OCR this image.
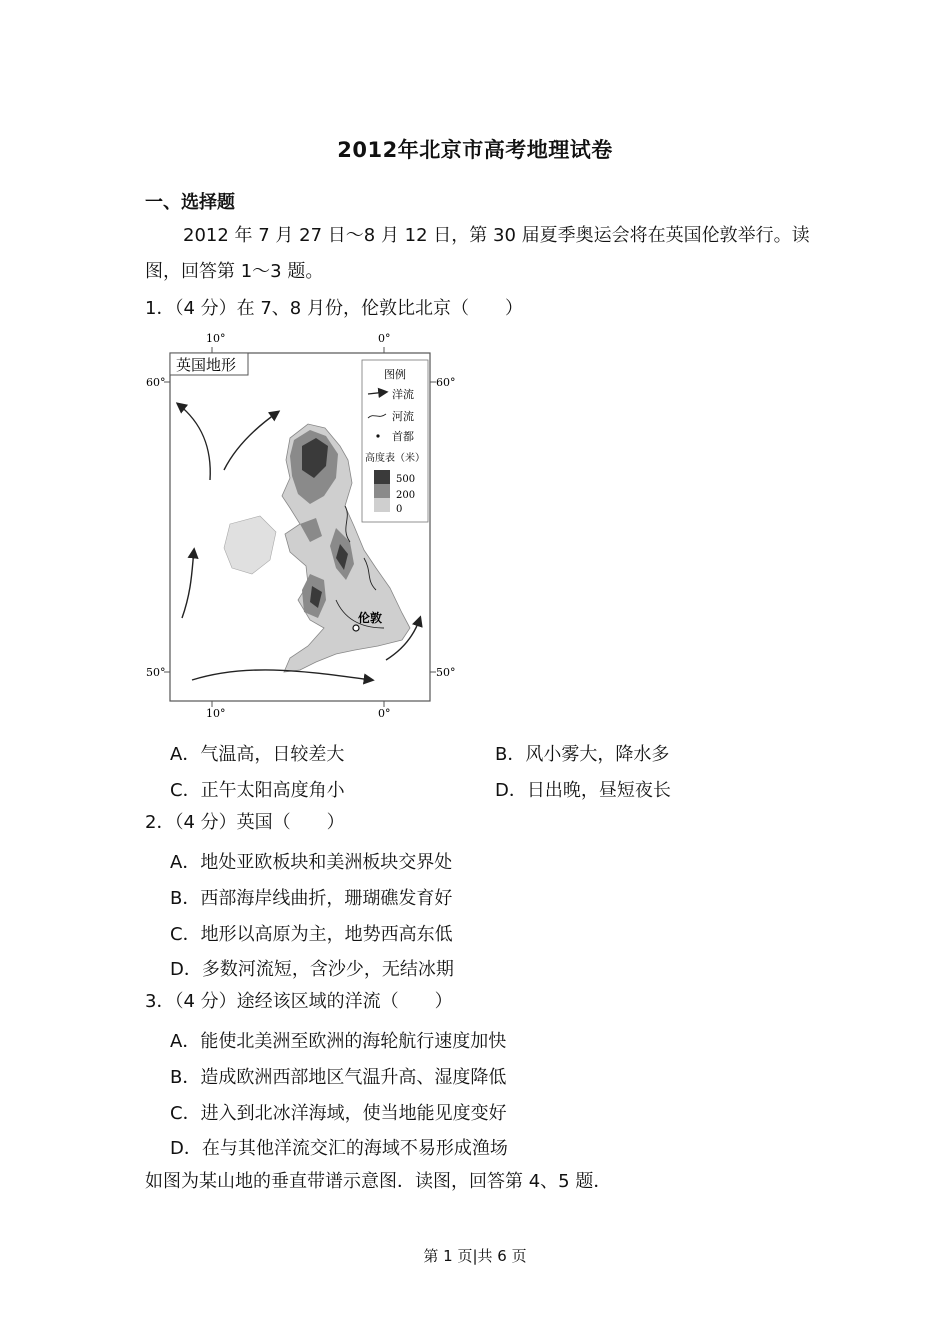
2012年北京市高考地理试卷
一、选择题
2012 年 7 月 27 日～8 月 12 日，第 30 届夏季奥运会将在英国伦敦举行。读
图，回答第 1～3 题。
1．（4 分）在 7、8 月份，伦敦比北京（　　）
10°	0°
10°	0°
60°	60°
50°	50°
英国地形
伦敦
图例
洋流
河流
首都
高度表（米）
500
200
0
A．气温高，日较差大	B．风小雾大，降水多
C．正午太阳高度角小	D．日出晚，昼短夜长
2．（4 分）英国（　　）
A．地处亚欧板块和美洲板块交界处
B．西部海岸线曲折，珊瑚礁发育好
C．地形以高原为主，地势西高东低
D．多数河流短，含沙少，无结冰期
3．（4 分）途经该区域的洋流（　　）
A．能使北美洲至欧洲的海轮航行速度加快
B．造成欧洲西部地区气温升高、湿度降低
C．进入到北冰洋海域，使当地能见度变好
D．在与其他洋流交汇的海域不易形成渔场
如图为某山地的垂直带谱示意图．读图，回答第 4、5 题．
第 1 页|共 6 页
